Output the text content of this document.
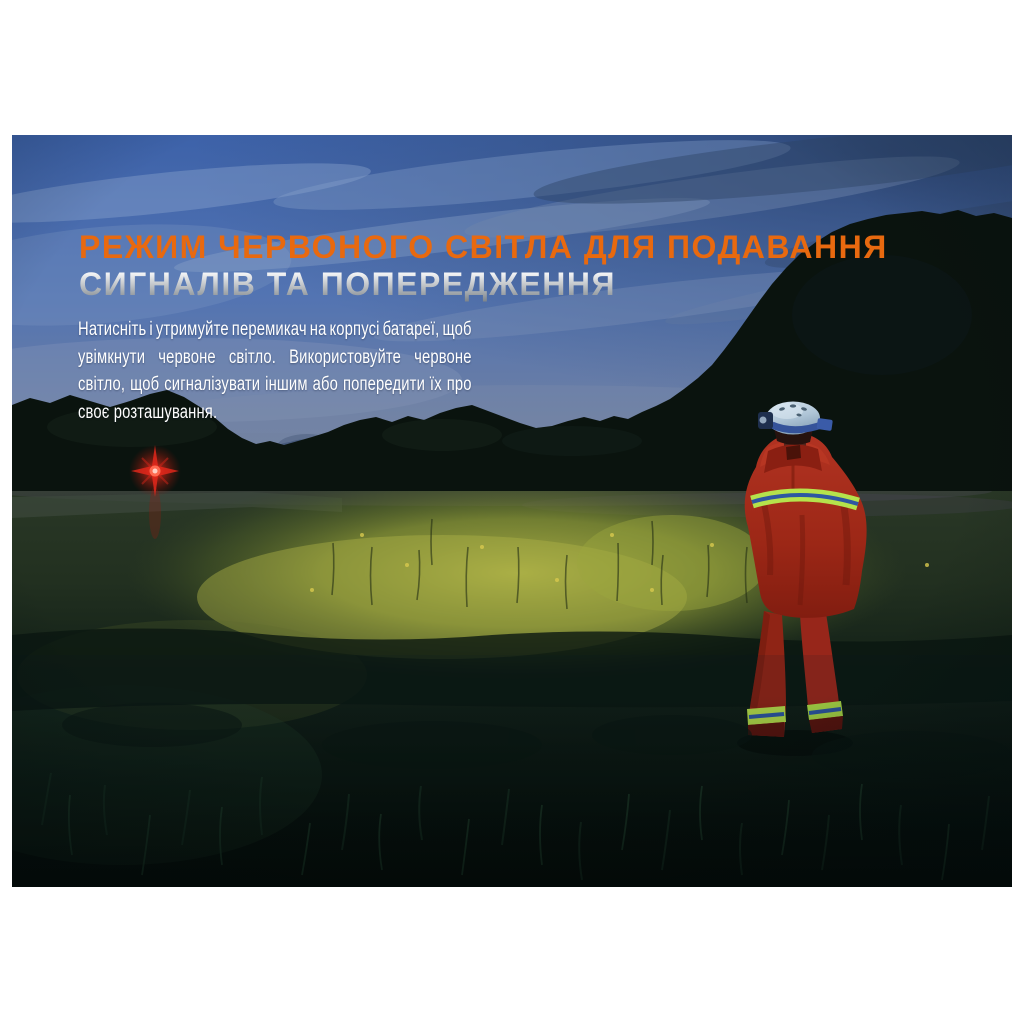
РЕЖИМ ЧЕРВОНОГО СВІТЛА ДЛЯ ПОДАВАННЯ
СИГНАЛІВ ТА ПОПЕРЕДЖЕННЯ
Натисніть і утримуйте перемикач на корпусі батареї, щоб
увімкнути червоне світло. Використовуйте червоне
світло, щоб сигналізувати іншим або попередити їх про
своє розташування.
